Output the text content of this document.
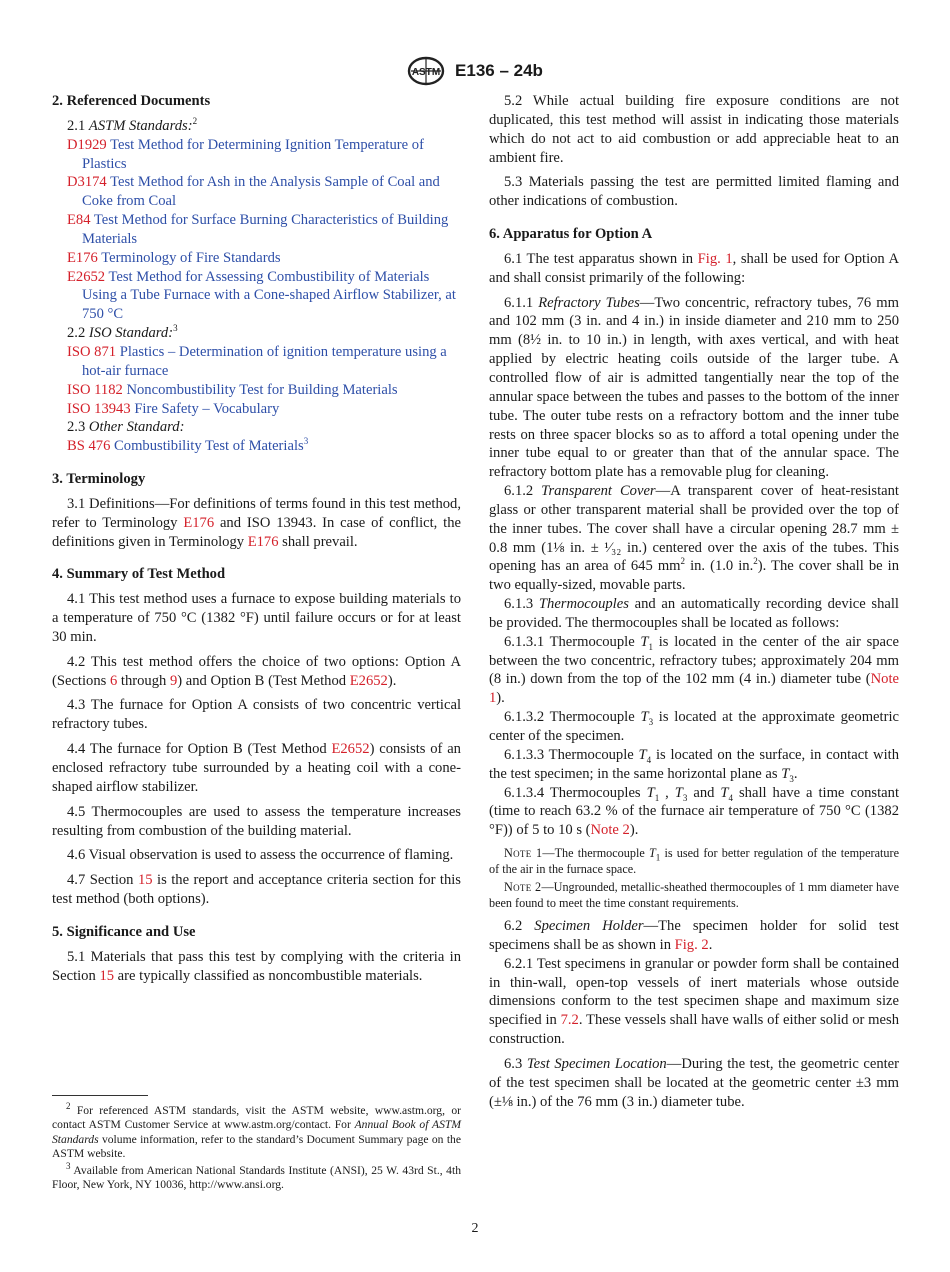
ASTM E136 – 24b

2. Referenced Documents

2.1 ASTM Standards:$^2$

D1929 Test Method for Determining Ignition Temperature of Plastics

D3174 Test Method for Ash in the Analysis Sample of Coal and Coke from Coal

E84 Test Method for Surface Burning Characteristics of Building Materials

E176 Terminology of Fire Standards

E2652 Test Method for Assessing Combustibility of Materials Using a Tube Furnace with a Cone-shaped Airflow Stabilizer, at 750 °C

2.2 ISO Standard:$^3$

ISO 871 Plastics – Determination of ignition temperature using a hot-air furnace

ISO 1182 Noncombustibility Test for Building Materials

ISO 13943 Fire Safety – Vocabulary

2.3 Other Standard:

BS 476 Combustibility Test of Materials$^3$

3. Terminology

3.1 Definitions—For definitions of terms found in this test method, refer to Terminology E176 and ISO 13943. In case of conflict, the definitions given in Terminology E176 shall prevail.

4. Summary of Test Method

4.1 This test method uses a furnace to expose building materials to a temperature of 750 °C (1382 °F) until failure occurs or for at least 30 min.

4.2 This test method offers the choice of two options: Option A (Sections 6 through 9) and Option B (Test Method E2652).

4.3 The furnace for Option A consists of two concentric vertical refractory tubes.

4.4 The furnace for Option B (Test Method E2652) consists of an enclosed refractory tube surrounded by a heating coil with a cone-shaped airflow stabilizer.

4.5 Thermocouples are used to assess the temperature increases resulting from combustion of the building material.

4.6 Visual observation is used to assess the occurrence of flaming.

4.7 Section 15 is the report and acceptance criteria section for this test method (both options).

5. Significance and Use

5.1 Materials that pass this test by complying with the criteria in Section 15 are typically classified as noncombustible materials.

$^2$ For referenced ASTM standards, visit the ASTM website, www.astm.org, or contact ASTM Customer Service at www.astm.org/contact. For Annual Book of ASTM Standards volume information, refer to the standard’s Document Summary page on the ASTM website.

$^3$ Available from American National Standards Institute (ANSI), 25 W. 43rd St., 4th Floor, New York, NY 10036, http://www.ansi.org.

5.2 While actual building fire exposure conditions are not duplicated, this test method will assist in indicating those materials which do not act to aid combustion or add appreciable heat to an ambient fire.

5.3 Materials passing the test are permitted limited flaming and other indications of combustion.

6. Apparatus for Option A

6.1 The test apparatus shown in Fig. 1, shall be used for Option A and shall consist primarily of the following:

6.1.1 Refractory Tubes—Two concentric, refractory tubes, 76 mm and 102 mm (3 in. and 4 in.) in inside diameter and 210 mm to 250 mm (8½ in. to 10 in.) in length, with axes vertical, and with heat applied by electric heating coils outside of the larger tube. A controlled flow of air is admitted tangentially near the top of the annular space between the tubes and passes to the bottom of the inner tube. The outer tube rests on a refractory bottom and the inner tube rests on three spacer blocks so as to afford a total opening under the inner tube equal to or greater than that of the annular space. The refractory bottom plate has a removable plug for cleaning.

6.1.2 Transparent Cover—A transparent cover of heat-resistant glass or other transparent material shall be provided over the top of the inner tubes. The cover shall have a circular opening 28.7 mm ± 0.8 mm (1⅛ in. ± ¹⁄₃₂ in.) centered over the axis of the tubes. This opening has an area of 645 $mm^2$ in. (1.0 in.$^2$). The cover shall be in two equally-sized, movable parts.

6.1.3 Thermocouples and an automatically recording device shall be provided. The thermocouples shall be located as follows:

6.1.3.1 Thermocouple $T_1$ is located in the center of the air space between the two concentric, refractory tubes; approximately 204 mm (8 in.) down from the top of the 102 mm (4 in.) diameter tube (Note 1).

6.1.3.2 Thermocouple $T_3$ is located at the approximate geometric center of the specimen.

6.1.3.3 Thermocouple $T_4$ is located on the surface, in contact with the test specimen; in the same horizontal plane as $T_3$.

6.1.3.4 Thermocouples $T_1$ , $T_3$ and $T_4$ shall have a time constant (time to reach 63.2 % of the furnace air temperature of 750 °C (1382 °F)) of 5 to 10 s (Note 2).

Note 1—The thermocouple $T_1$ is used for better regulation of the temperature of the air in the furnace space.

Note 2—Ungrounded, metallic-sheathed thermocouples of 1 mm diameter have been found to meet the time constant requirements.

6.2 Specimen Holder—The specimen holder for solid test specimens shall be as shown in Fig. 2.

6.2.1 Test specimens in granular or powder form shall be contained in thin-wall, open-top vessels of inert materials whose outside dimensions conform to the test specimen shape and maximum size specified in 7.2. These vessels shall have walls of either solid or mesh construction.

6.3 Test Specimen Location—During the test, the geometric center of the test specimen shall be located at the geometric center ±3 mm (±⅛ in.) of the 76 mm (3 in.) diameter tube.

2
